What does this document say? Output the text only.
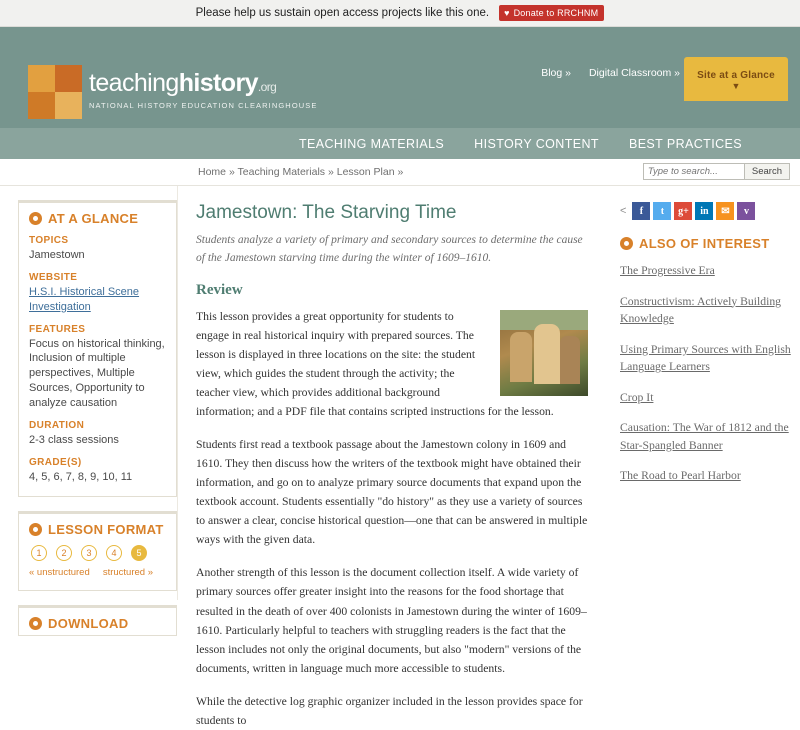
Please help us sustain open access projects like this one. ♥ Donate to RRCHNM
teachinghistory.org
NATIONAL HISTORY EDUCATION CLEARINGHOUSE
Blog » Digital Classroom » Site at a Glance
▼
TEACHING MATERIALS HISTORY CONTENT BEST PRACTICES
Home » Teaching Materials » Lesson Plan »
Type to search...	Search
AT A GLANCE
TOPICS
Jamestown
WEBSITE
H.S.I. Historical Scene Investigation
FEATURES
Focus on historical thinking, Inclusion of multiple perspectives, Multiple Sources, Opportunity to analyze causation
DURATION
2-3 class sessions
GRADE(S)
4, 5, 6, 7, 8, 9, 10, 11
LESSON FORMAT
1	2	3	4	5
« unstructured structured »
DOWNLOAD
Jamestown: The Starving Time
Students analyze a variety of primary and secondary sources to determine the cause of the Jamestown starving time during the winter of 1609–1610.
Review

This lesson provides a great opportunity for students to engage in real historical inquiry with prepared sources. The lesson is displayed in three locations on the site: the student view, which guides the student through the activity; the teacher view, which provides additional background information; and a PDF file that contains scripted instructions for the lesson.

Students first read a textbook passage about the Jamestown colony in 1609 and 1610. They then discuss how the writers of the textbook might have obtained their information, and go on to analyze primary source documents that expand upon the textbook account. Students essentially "do history" as they use a variety of sources to answer a clear, concise historical question—one that can be answered in multiple ways with the given data.

Another strength of this lesson is the document collection itself. A wide variety of primary sources offer greater insight into the reasons for the food shortage that resulted in the death of over 400 colonists in Jamestown during the winter of 1609–1610. Particularly helpful to teachers with struggling readers is the fact that the lesson includes not only the original documents, but also "modern" versions of the documents, written in language much more accessible to students.

While the detective log graphic organizer included in the lesson provides space for students to

<	f	t	g+	in	✉	v
ALSO OF INTEREST
The Progressive Era
Constructivism: Actively Building Knowledge
Using Primary Sources with English Language Learners
Crop It
Causation: The War of 1812 and the Star-Spangled Banner
The Road to Pearl Harbor
